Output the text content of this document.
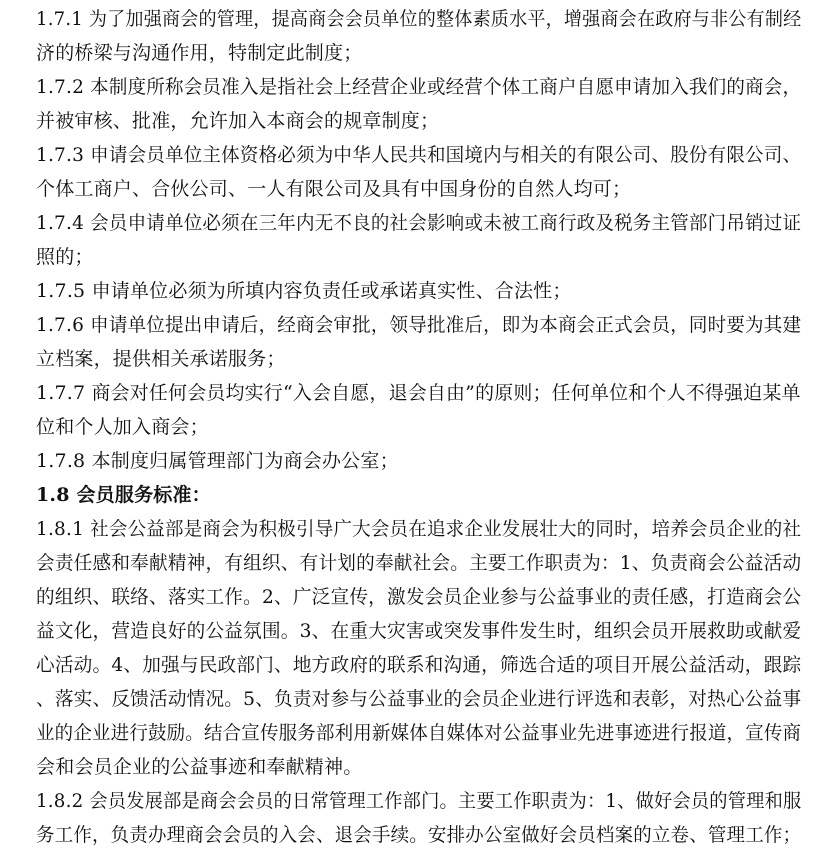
1.7.1 为了加强商会的管理，提高商会会员单位的整体素质水平，增强商会在政府与非公有制经
济的桥梁与沟通作用，特制定此制度；
1.7.2 本制度所称会员准入是指社会上经营企业或经营个体工商户自愿申请加入我们的商会，
并被审核、批准，允许加入本商会的规章制度；
1.7.3 申请会员单位主体资格必须为中华人民共和国境内与相关的有限公司、股份有限公司、
个体工商户、合伙公司、一人有限公司及具有中国身份的自然人均可；
1.7.4 会员申请单位必须在三年内无不良的社会影响或未被工商行政及税务主管部门吊销过证
照的；
1.7.5 申请单位必须为所填内容负责任或承诺真实性、合法性；
1.7.6 申请单位提出申请后，经商会审批，领导批准后，即为本商会正式会员，同时要为其建
立档案，提供相关承诺服务；
1.7.7 商会对任何会员均实行“入会自愿，退会自由”的原则；任何单位和个人不得强迫某单
位和个人加入商会；
1.7.8 本制度归属管理部门为商会办公室；
1.8 会员服务标准：
1.8.1 社会公益部是商会为积极引导广大会员在追求企业发展壮大的同时，培养会员企业的社
会责任感和奉献精神，有组织、有计划的奉献社会。主要工作职责为：1、负责商会公益活动
的组织、联络、落实工作。2、广泛宣传，激发会员企业参与公益事业的责任感，打造商会公
益文化，营造良好的公益氛围。3、在重大灾害或突发事件发生时，组织会员开展救助或献爱
心活动。4、加强与民政部门、地方政府的联系和沟通，筛选合适的项目开展公益活动，跟踪
、落实、反馈活动情况。5、负责对参与公益事业的会员企业进行评选和表彰，对热心公益事
业的企业进行鼓励。结合宣传服务部利用新媒体自媒体对公益事业先进事迹进行报道，宣传商
会和会员企业的公益事迹和奉献精神。
1.8.2 会员发展部是商会会员的日常管理工作部门。主要工作职责为：1、做好会员的管理和服
务工作，负责办理商会会员的入会、退会手续。安排办公室做好会员档案的立卷、管理工作；
